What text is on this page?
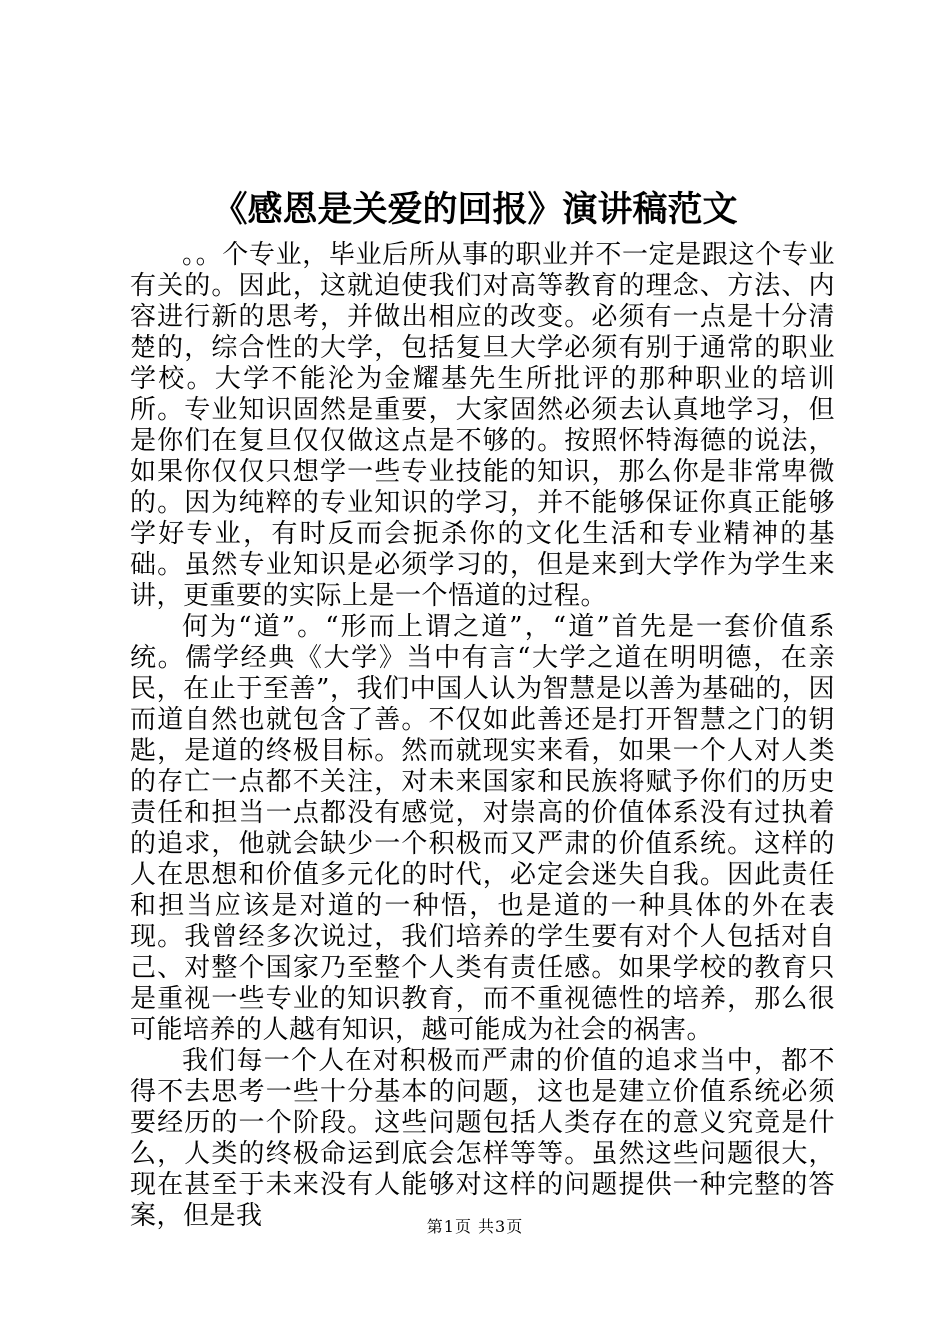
《感恩是关爱的回报》演讲稿范文

。。个专业，毕业后所从事的职业并不一定是跟这个专业有关的。因此，这就迫使我们对高等教育的理念、方法、内容进行新的思考，并做出相应的改变。必须有一点是十分清楚的，综合性的大学，包括复旦大学必须有别于通常的职业学校。大学不能沦为金耀基先生所批评的那种职业的培训所。专业知识固然是重要，大家固然必须去认真地学习，但是你们在复旦仅仅做这点是不够的。按照怀特海德的说法，如果你仅仅只想学一些专业技能的知识，那么你是非常卑微的。因为纯粹的专业知识的学习，并不能够保证你真正能够学好专业，有时反而会扼杀你的文化生活和专业精神的基础。虽然专业知识是必须学习的，但是来到大学作为学生来讲，更重要的实际上是一个悟道的过程。

何为“道”。“形而上谓之道”，“道”首先是一套价值系统。儒学经典《大学》当中有言“大学之道在明明德，在亲民，在止于至善”，我们中国人认为智慧是以善为基础的，因而道自然也就包含了善。不仅如此善还是打开智慧之门的钥匙，是道的终极目标。然而就现实来看，如果一个人对人类的存亡一点都不关注，对未来国家和民族将赋予你们的历史责任和担当一点都没有感觉，对崇高的价值体系没有过执着的追求，他就会缺少一个积极而又严肃的价值系统。这样的人在思想和价值多元化的时代，必定会迷失自我。因此责任和担当应该是对道的一种悟，也是道的一种具体的外在表现。我曾经多次说过，我们培养的学生要有对个人包括对自己、对整个国家乃至整个人类有责任感。如果学校的教育只是重视一些专业的知识教育，而不重视德性的培养，那么很可能培养的人越有知识，越可能成为社会的祸害。

我们每一个人在对积极而严肃的价值的追求当中，都不得不去思考一些十分基本的问题，这也是建立价值系统必须要经历的一个阶段。这些问题包括人类存在的意义究竟是什么，人类的终极命运到底会怎样等等。虽然这些问题很大，现在甚至于未来没有人能够对这样的问题提供一种完整的答案，但是我	第1页 共3页
